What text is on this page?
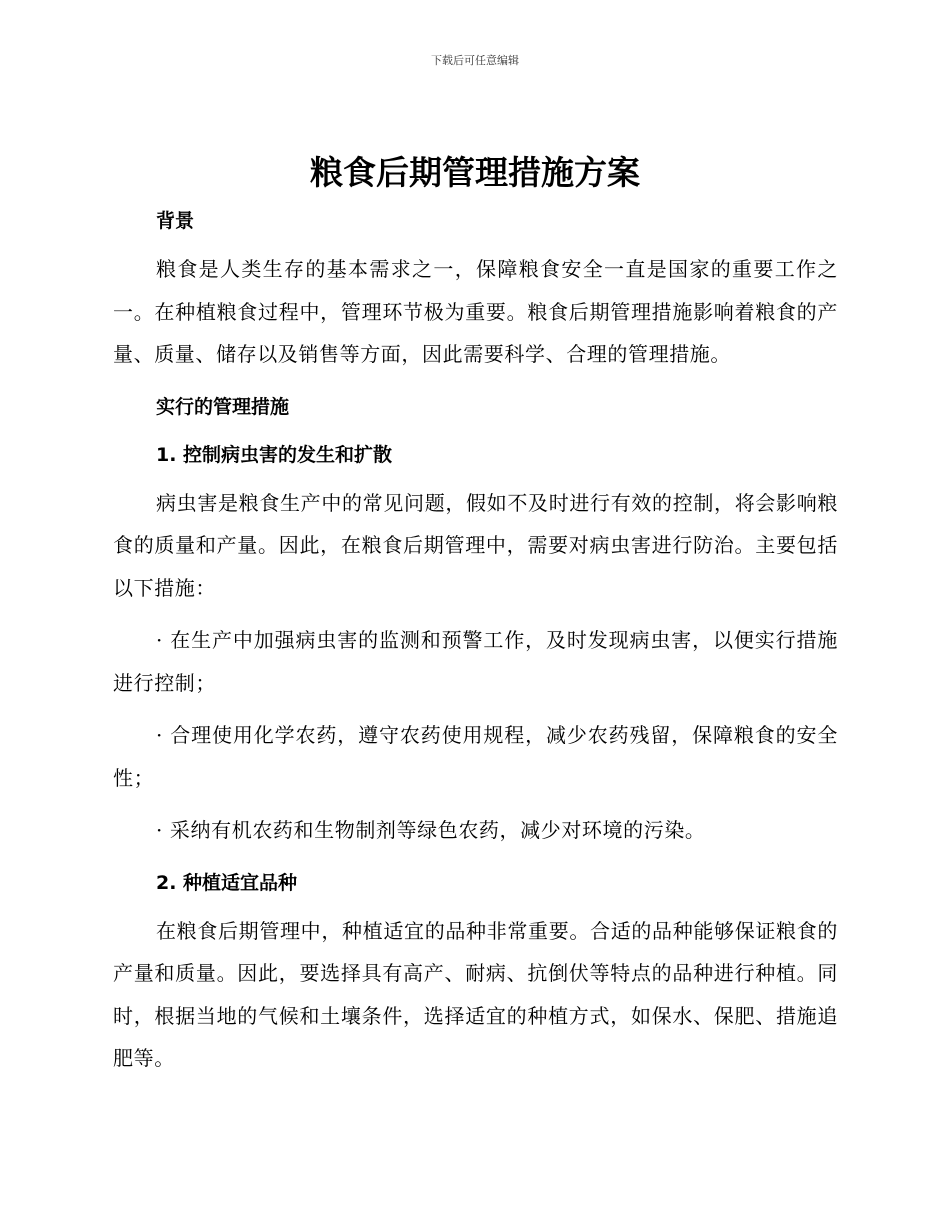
下载后可任意编辑
粮食后期管理措施方案
背景

粮食是人类生存的基本需求之一，保障粮食安全一直是国家的重要工作之一。在种植粮食过程中，管理环节极为重要。粮食后期管理措施影响着粮食的产量、质量、储存以及销售等方面，因此需要科学、合理的管理措施。

实行的管理措施
1. 控制病虫害的发生和扩散

病虫害是粮食生产中的常见问题，假如不及时进行有效的控制，将会影响粮食的质量和产量。因此，在粮食后期管理中，需要对病虫害进行防治。主要包括以下措施：

· 在生产中加强病虫害的监测和预警工作，及时发现病虫害，以便实行措施进行控制；

· 合理使用化学农药，遵守农药使用规程，减少农药残留，保障粮食的安全性；

· 采纳有机农药和生物制剂等绿色农药，减少对环境的污染。

2. 种植适宜品种

在粮食后期管理中，种植适宜的品种非常重要。合适的品种能够保证粮食的产量和质量。因此，要选择具有高产、耐病、抗倒伏等特点的品种进行种植。同时，根据当地的气候和土壤条件，选择适宜的种植方式，如保水、保肥、措施追肥等。
